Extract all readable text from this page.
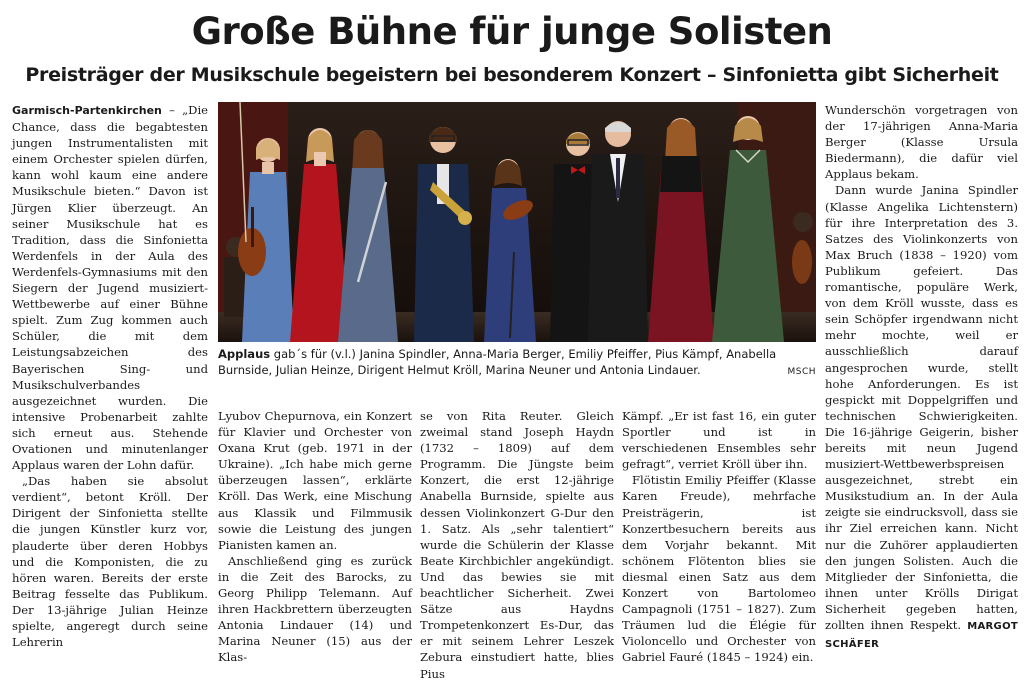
Große Bühne für junge Solisten
Preisträger der Musikschule begeistern bei besonderem Konzert – Sinfonietta gibt Sicherheit

Garmisch-Partenkirchen – „Die Chance, dass die begabtesten jungen Instrumentalisten mit einem Orchester spielen dürfen, kann wohl kaum eine andere Musikschule bieten.“ Davon ist Jürgen Klier überzeugt. An seiner Musikschule hat es Tradition, dass die Sinfonietta Werdenfels in der Aula des Werdenfels-Gymnasiums mit den Siegern der Jugend musiziert-Wettbewerbe auf einer Bühne spielt. Zum Zug kommen auch Schüler, die mit dem Leistungsabzeichen des Bayerischen Sing- und Musikschulverbandes ausgezeichnet wurden. Die intensive Probenarbeit zahlte sich erneut aus. Stehende Ovationen und minutenlanger Applaus waren der Lohn dafür.

„Das haben sie absolut verdient“, betont Kröll. Der Dirigent der Sinfonietta stellte die jungen Künstler kurz vor, plauderte über deren Hobbys und die Komponisten, die zu hören waren. Bereits der erste Beitrag fesselte das Publikum. Der 13-jährige Julian Heinze spielte, angeregt durch seine Lehrerin

Applaus gab´s für (v.l.) Janina Spindler, Anna-Maria Berger, Emiliy Pfeiffer, Pius Kämpf, Anabella Burnside, Julian Heinze, Dirigent Helmut Kröll, Marina Neuner und Antonia Lindauer.	MSCH

Lyubov Chepurnova, ein Konzert für Klavier und Orchester von Oxana Krut (geb. 1971 in der Ukraine). „Ich habe mich gerne überzeugen lassen“, erklärte Kröll. Das Werk, eine Mischung aus Klassik und Filmmusik sowie die Leistung des jungen Pianisten kamen an.

Anschließend ging es zurück in die Zeit des Barocks, zu Georg Philipp Telemann. Auf ihren Hackbrettern überzeugten Antonia Lindauer (14) und Marina Neuner (15) aus der Klas-

se von Rita Reuter. Gleich zweimal stand Joseph Haydn (1732 – 1809) auf dem Programm. Die Jüngste beim Konzert, die erst 12-jährige Anabella Burnside, spielte aus dessen Violinkonzert G-Dur den 1. Satz. Als „sehr talentiert“ wurde die Schülerin der Klasse Beate Kirchbichler angekündigt. Und das bewies sie mit beachtlicher Sicherheit. Zwei Sätze aus Haydns Trompetenkonzert Es-Dur, das er mit seinem Lehrer Leszek Zebura einstudiert hatte, blies Pius

Kämpf. „Er ist fast 16, ein guter Sportler und ist in verschiedenen Ensembles sehr gefragt“, verriet Kröll über ihn.

Flötistin Emiliy Pfeiffer (Klasse Karen Freude), mehrfache Preisträgerin, ist Konzertbesuchern bereits aus dem Vorjahr bekannt. Mit schönem Flötenton blies sie diesmal einen Satz aus dem Konzert von Bartolomeo Campagnoli (1751 – 1827). Zum Träumen lud die Élégie für Violoncello und Orchester von Gabriel Fauré (1845 – 1924) ein.

Wunderschön vorgetragen von der 17-jährigen Anna-Maria Berger (Klasse Ursula Biedermann), die dafür viel Applaus bekam.

Dann wurde Janina Spindler (Klasse Angelika Lichtenstern) für ihre Interpretation des 3. Satzes des Violinkonzerts von Max Bruch (1838 – 1920) vom Publikum gefeiert. Das romantische, populäre Werk, von dem Kröll wusste, dass es sein Schöpfer irgendwann nicht mehr mochte, weil er ausschließlich darauf angesprochen wurde, stellt hohe Anforderungen. Es ist gespickt mit Doppelgriffen und technischen Schwierigkeiten. Die 16-jährige Geigerin, bisher bereits mit neun Jugend musiziert-Wettbewerbspreisen ausgezeichnet, strebt ein Musikstudium an. In der Aula zeigte sie eindrucksvoll, dass sie ihr Ziel erreichen kann. Nicht nur die Zuhörer applaudierten den jungen Solisten. Auch die Mitglieder der Sinfonietta, die ihnen unter Krölls Dirigat Sicherheit gegeben hatten, zollten ihnen Respekt. MARGOT SCHÄFER
